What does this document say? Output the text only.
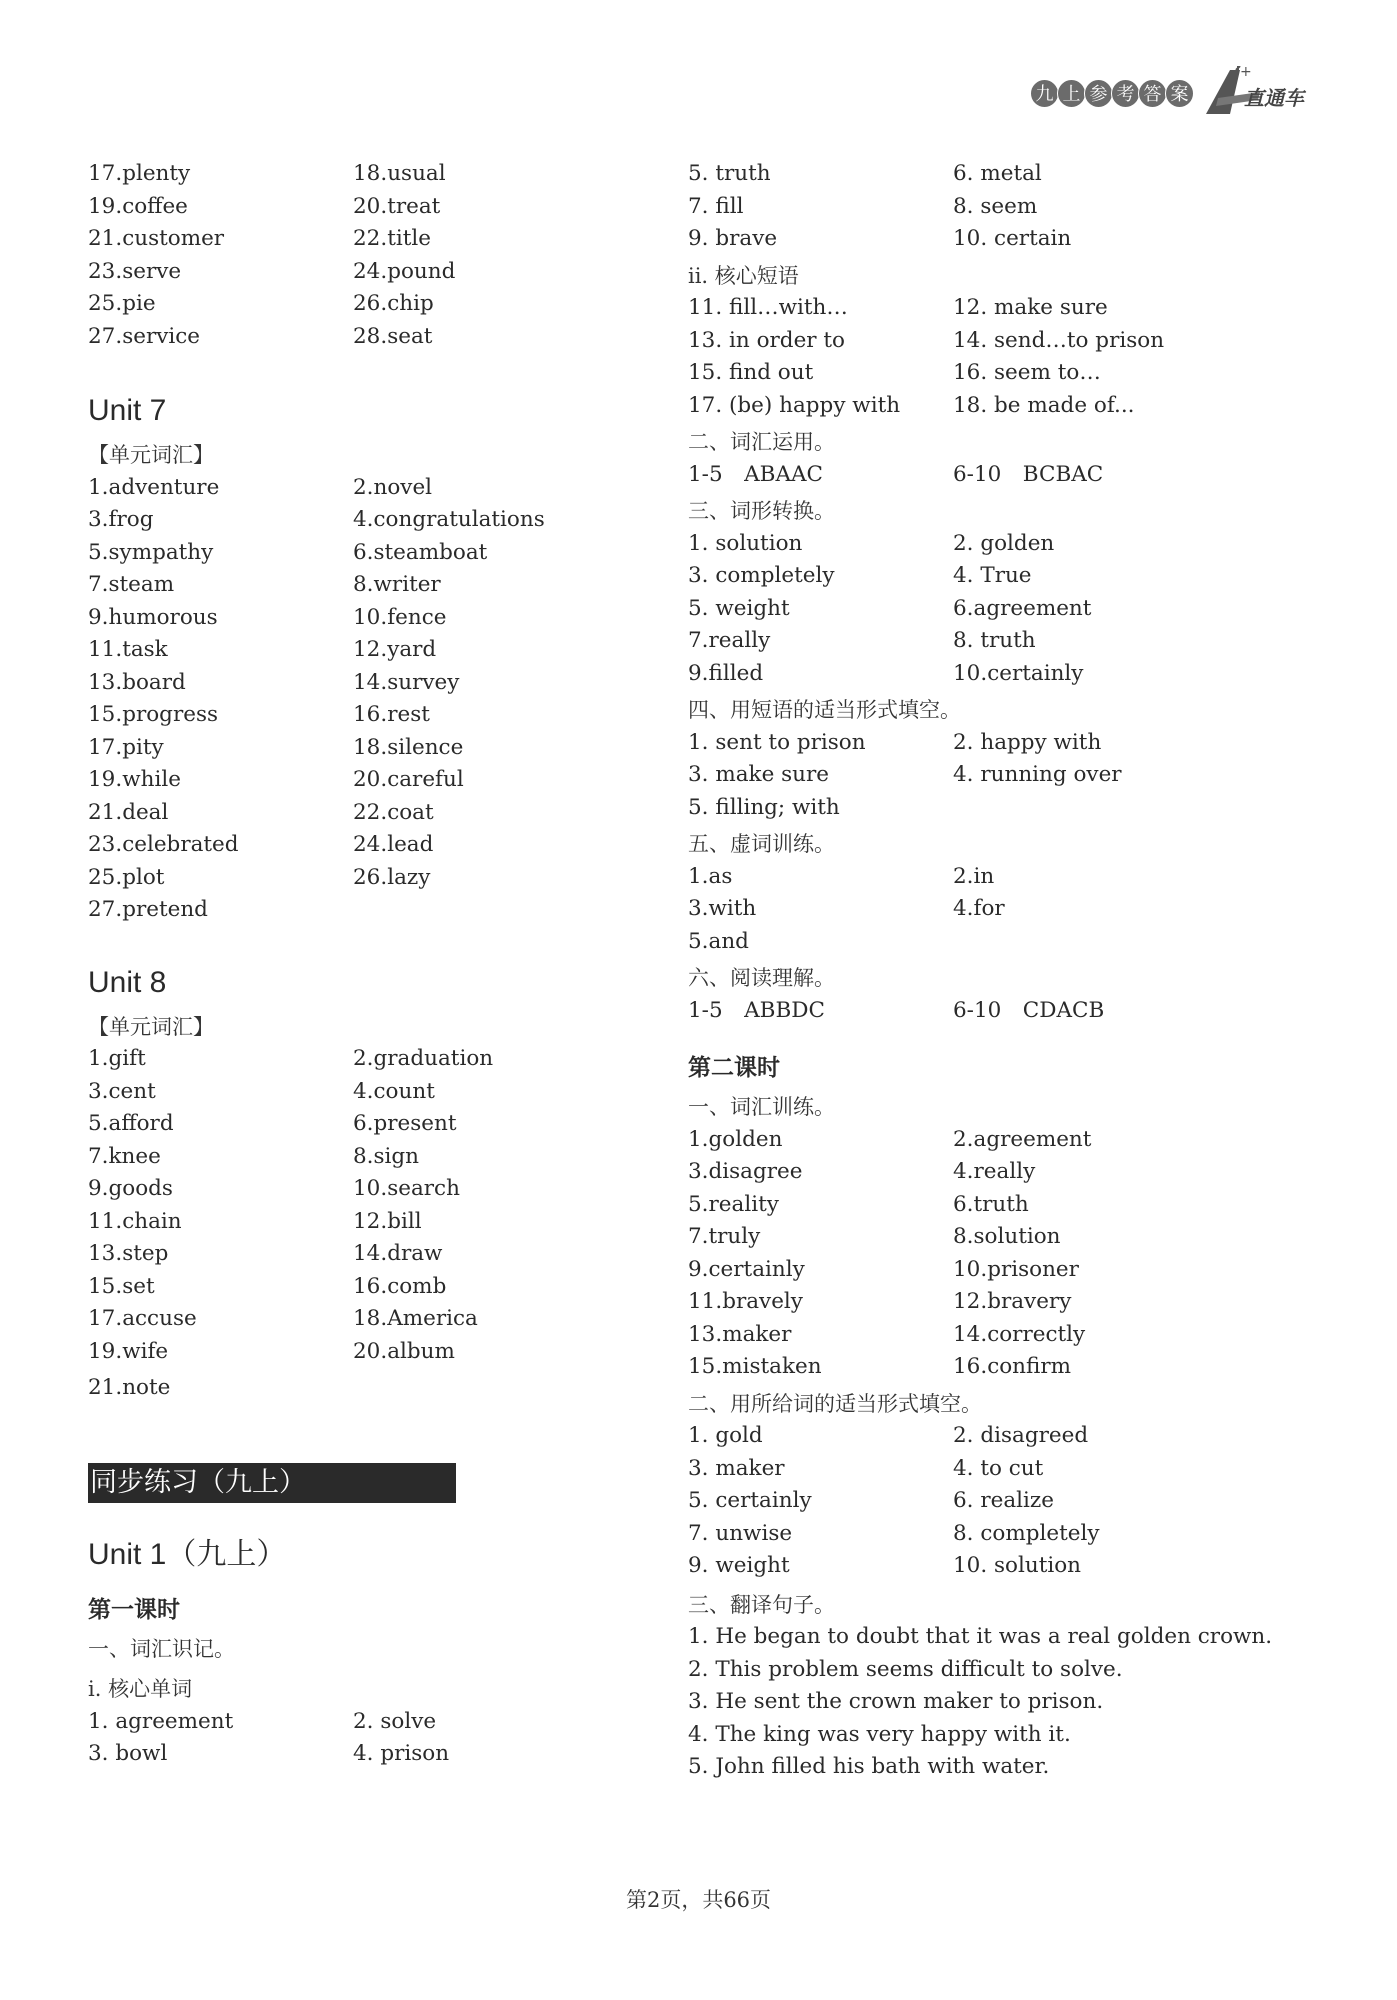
九 上 参 考 答 案
+
直通车
17.plenty	18.usual
19.coffee	20.treat
21.customer	22.title
23.serve	24.pound
25.pie	26.chip
27.service	28.seat
Unit 7
【单元词汇】
1.adventure	2.novel
3.frog	4.congratulations
5.sympathy	6.steamboat
7.steam	8.writer
9.humorous	10.fence
11.task	12.yard
13.board	14.survey
15.progress	16.rest
17.pity	18.silence
19.while	20.careful
21.deal	22.coat
23.celebrated	24.lead
25.plot	26.lazy
27.pretend
Unit 8
【单元词汇】
1.gift	2.graduation
3.cent	4.count
5.afford	6.present
7.knee	8.sign
9.goods	10.search
11.chain	12.bill
13.step	14.draw
15.set	16.comb
17.accuse	18.America
19.wife	20.album
21.note
同步练习（九上）
Unit 1（九上）
第一课时
一、词汇识记。
i. 核心单词
1. agreement	2. solve
3. bowl	4. prison
5. truth	6. metal
7. fill	8. seem
9. brave	10. certain
ii. 核心短语
11. fill…with…	12. make sure
13. in order to	14. send…to prison
15. find out	16. seem to…
17. (be) happy with	18. be made of...
二、词汇运用。
1-5　ABAAC	6-10　BCBAC
三、词形转换。
1. solution	2. golden
3. completely	4. True
5. weight	6.agreement
7.really	8. truth
9.filled	10.certainly
四、用短语的适当形式填空。
1. sent to prison	2. happy with
3. make sure	4. running over
5. filling; with
五、虚词训练。
1.as	2.in
3.with	4.for
5.and
六、阅读理解。
1-5　ABBDC	6-10　CDACB
第二课时
一、词汇训练。
1.golden	2.agreement
3.disagree	4.really
5.reality	6.truth
7.truly	8.solution
9.certainly	10.prisoner
11.bravely	12.bravery
13.maker	14.correctly
15.mistaken	16.confirm
二、用所给词的适当形式填空。
1. gold	2. disagreed
3. maker	4. to cut
5. certainly	6. realize
7. unwise	8. completely
9. weight	10. solution
三、翻译句子。
1. He began to doubt that it was a real golden crown.
2. This problem seems difficult to solve.
3. He sent the crown maker to prison.
4. The king was very happy with it.
5. John filled his bath with water.
第2页，共66页
